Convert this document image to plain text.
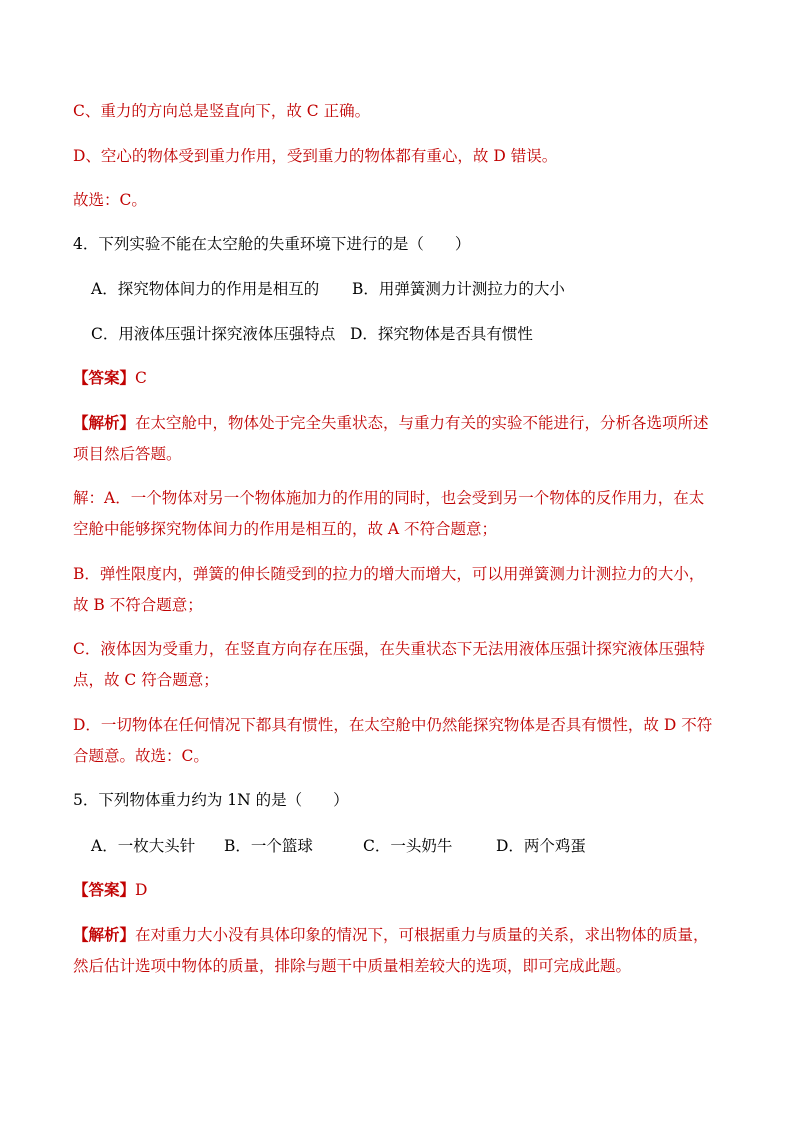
C、重力的方向总是竖直向下，故 C 正确。
D、空心的物体受到重力作用，受到重力的物体都有重心，故 D 错误。
故选：C。
4．下列实验不能在太空舱的失重环境下进行的是（　　）
A．探究物体间力的作用是相互的 B．用弹簧测力计测拉力的大小
C．用液体压强计探究液体压强特点 D．探究物体是否具有惯性
【答案】C
【解析】在太空舱中，物体处于完全失重状态，与重力有关的实验不能进行，分析各选项所述
项目然后答题。
解：A．一个物体对另一个物体施加力的作用的同时，也会受到另一个物体的反作用力，在太
空舱中能够探究物体间力的作用是相互的，故 A 不符合题意；
B．弹性限度内，弹簧的伸长随受到的拉力的增大而增大，可以用弹簧测力计测拉力的大小，
故 B 不符合题意；
C．液体因为受重力，在竖直方向存在压强，在失重状态下无法用液体压强计探究液体压强特
点，故 C 符合题意；
D．一切物体在任何情况下都具有惯性，在太空舱中仍然能探究物体是否具有惯性，故 D 不符
合题意。故选：C。
5．下列物体重力约为 1N 的是（　　）
A．一枚大头针 B．一个篮球	C．一头奶牛	D．两个鸡蛋
【答案】D
【解析】在对重力大小没有具体印象的情况下，可根据重力与质量的关系，求出物体的质量，
然后估计选项中物体的质量，排除与题干中质量相差较大的选项，即可完成此题。
